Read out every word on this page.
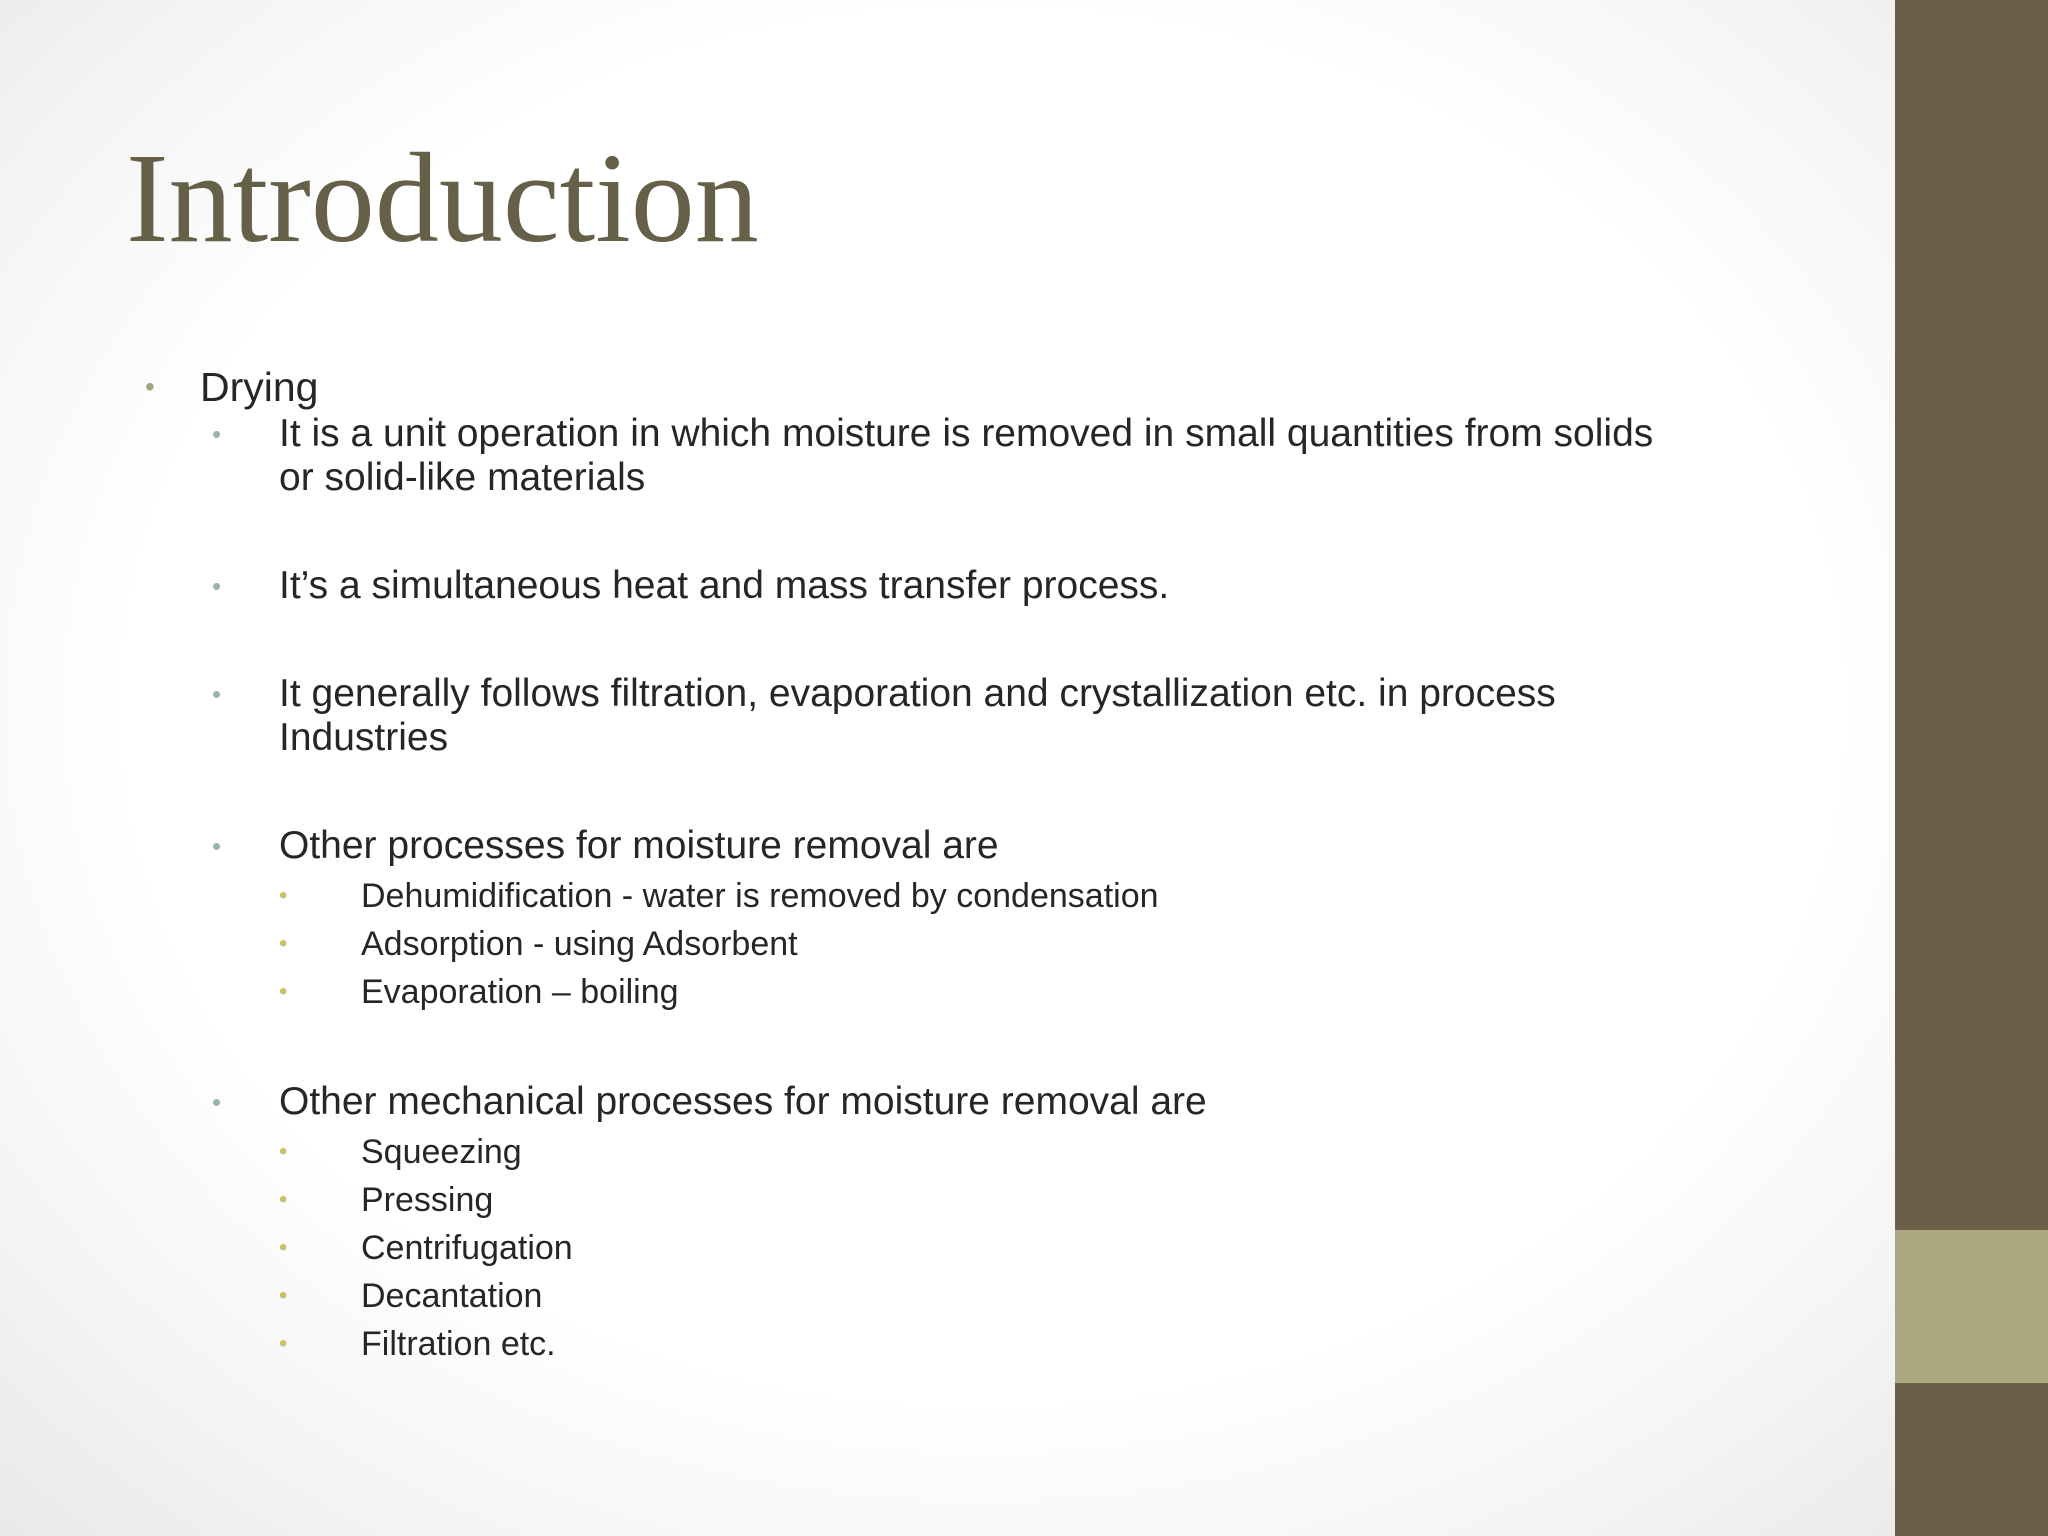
Introduction
• Drying
• It is a unit operation in which moisture is removed in small quantities from solids
or solid-like materials
• It’s a simultaneous heat and mass transfer process.
• It generally follows filtration, evaporation and crystallization etc. in process
Industries
• Other processes for moisture removal are
• Dehumidification - water is removed by condensation
• Adsorption - using Adsorbent
• Evaporation – boiling
• Other mechanical processes for moisture removal are
• Squeezing
• Pressing
• Centrifugation
• Decantation
• Filtration etc.
